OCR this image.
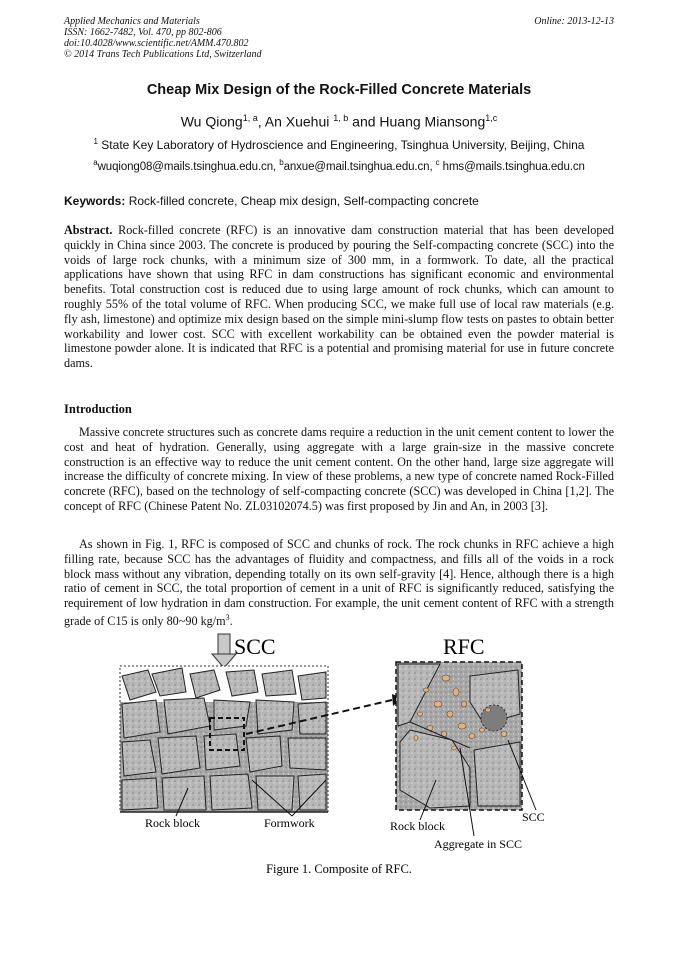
Applied Mechanics and Materials
ISSN: 1662-7482, Vol. 470, pp 802-806
doi:10.4028/www.scientific.net/AMM.470.802
© 2014 Trans Tech Publications Ltd, Switzerland
Online: 2013-12-13
Cheap Mix Design of the Rock-Filled Concrete Materials
Wu Qiong$^{1, a}$, An Xuehui $^{1, b}$ and Huang Miansong$^{1,c}$
$^1$ State Key Laboratory of Hydroscience and Engineering, Tsinghua University, Beijing, China
$^a$wuqiong08@mails.tsinghua.edu.cn, $^b$anxue@mail.tsinghua.edu.cn, $^c$ hms@mails.tsinghua.edu.cn
Keywords: Rock-filled concrete, Cheap mix design, Self-compacting concrete
Abstract. Rock-filled concrete (RFC) is an innovative dam construction material that has been developed quickly in China since 2003. The concrete is produced by pouring the Self-compacting concrete (SCC) into the voids of large rock chunks, with a minimum size of 300 mm, in a formwork. To date, all the practical applications have shown that using RFC in dam constructions has significant economic and environmental benefits. Total construction cost is reduced due to using large amount of rock chunks, which can amount to roughly 55% of the total volume of RFC. When producing SCC, we make full use of local raw materials (e.g. fly ash, limestone) and optimize mix design based on the simple mini-slump flow tests on pastes to obtain better workability and lower cost. SCC with excellent workability can be obtained even the powder material is limestone powder alone. It is indicated that RFC is a potential and promising material for use in future concrete dams.
Introduction
Massive concrete structures such as concrete dams require a reduction in the unit cement content to lower the cost and heat of hydration. Generally, using aggregate with a large grain-size in the massive concrete construction is an effective way to reduce the unit cement content. On the other hand, large size aggregate will increase the difficulty of concrete mixing. In view of these problems, a new type of concrete named Rock-Filled concrete (RFC), based on the technology of self-compacting concrete (SCC) was developed in China [1,2]. The concept of RFC (Chinese Patent No. ZL03102074.5) was first proposed by Jin and An, in 2003 [3].
As shown in Fig. 1, RFC is composed of SCC and chunks of rock. The rock chunks in RFC achieve a high filling rate, because SCC has the advantages of fluidity and compactness, and fills all of the voids in a rock block mass without any vibration, depending totally on its own self-gravity [4]. Hence, although there is a high ratio of cement in SCC, the total proportion of cement in a unit of RFC is significantly reduced, satisfying the requirement of low hydration in dam construction. For example, the unit cement content of RFC with a strength grade of C15 is only 80~90 $kg/m^3$.
SCC	RFC
Rock block	Formwork	Rock block
SCC
Aggregate in SCC
Figure 1. Composite of RFC.
